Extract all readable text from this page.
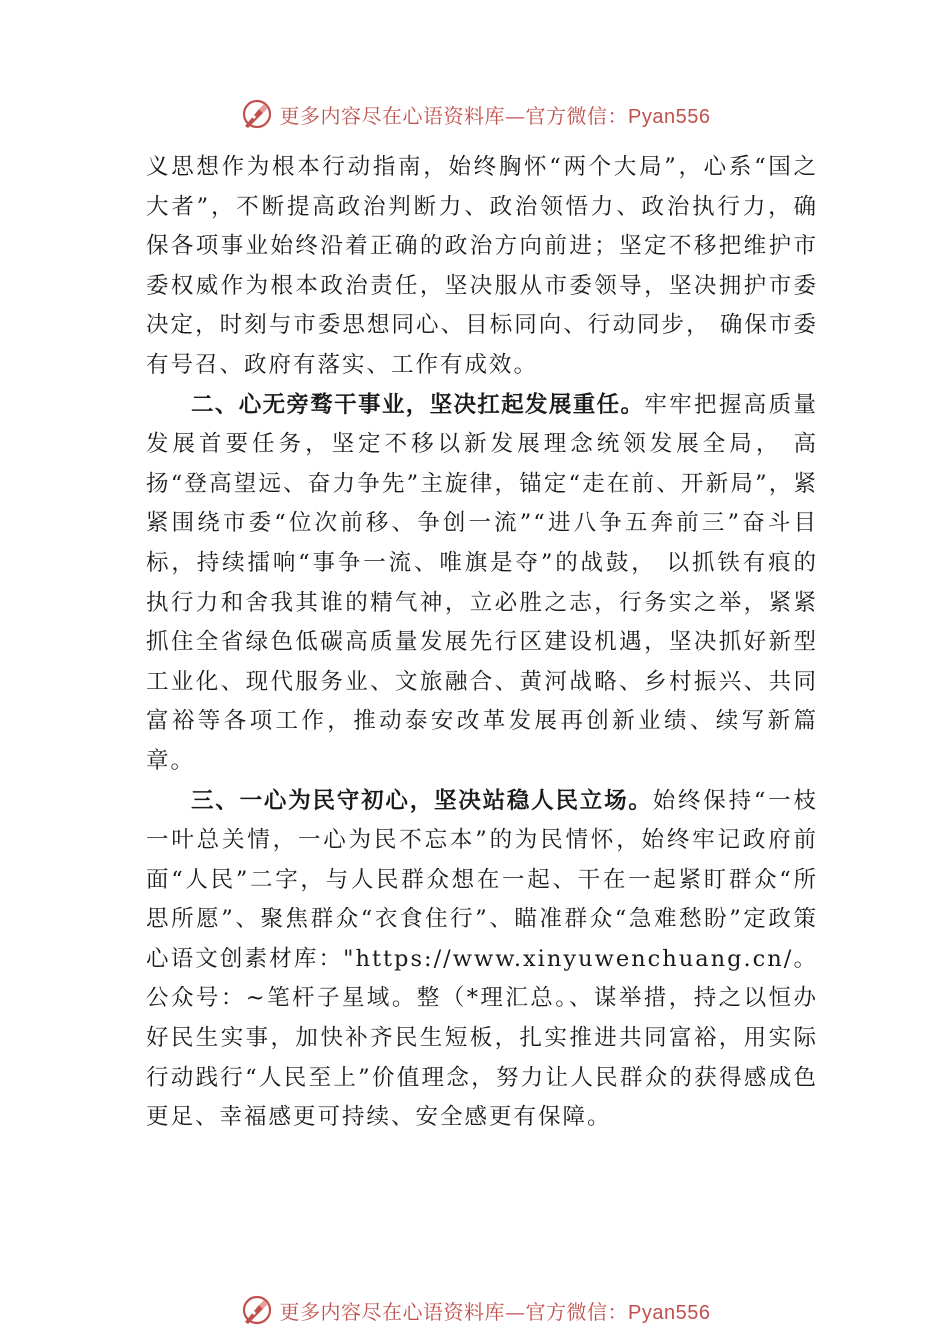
更多内容尽在心语资料库—官方微信：Pyan556

义思想作为根本行动指南，始终胸怀“两个大局”，心系“国之大者”，不断提高政治判断力、政治领悟力、政治执行力，确保各项事业始终沿着正确的政治方向前进；坚定不移把维护市委权威作为根本政治责任，坚决服从市委领导，坚决拥护市委决定，时刻与市委思想同心、目标同向、行动同步， 确保市委有号召、政府有落实、工作有成效。

二、心无旁骛干事业，坚决扛起发展重任。牢牢把握高质量发展首要任务，坚定不移以新发展理念统领发展全局， 高扬“登高望远、奋力争先”主旋律，锚定“走在前、开新局”，紧紧围绕市委“位次前移、争创一流”“进八争五奔前三”奋斗目标，持续擂响“事争一流、唯旗是夺”的战鼓， 以抓铁有痕的执行力和舍我其谁的精气神，立必胜之志，行务实之举，紧紧抓住全省绿色低碳高质量发展先行区建设机遇，坚决抓好新型工业化、现代服务业、文旅融合、黄河战略、乡村振兴、共同富裕等各项工作，推动泰安改革发展再创新业绩、续写新篇章。

三、一心为民守初心，坚决站稳人民立场。始终保持“一枝一叶总关情，一心为民不忘本”的为民情怀，始终牢记政府前面“人民”二字，与人民群众想在一起、干在一起紧盯群众“所思所愿”、聚焦群众“衣食住行”、瞄准群众“急难愁盼”定政策心语文创素材库："https://www.xinyuwenchuang.cn/。公众号：~笔杆子星域。整（*理汇总。、谋举措，持之以恒办好民生实事，加快补齐民生短板，扎实推进共同富裕，用实际行动践行“人民至上”价值理念，努力让人民群众的获得感成色更足、幸福感更可持续、安全感更有保障。

更多内容尽在心语资料库—官方微信：Pyan556
